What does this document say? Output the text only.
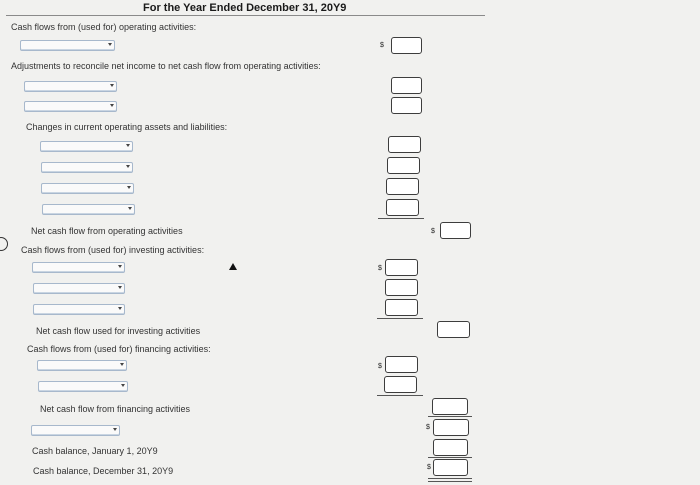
For the Year Ended December 31, 20Y9
Cash flows from (used for) operating activities:
$
Adjustments to reconcile net income to net cash flow from operating activities:
Changes in current operating assets and liabilities:
Net cash flow from operating activities	$
Cash flows from (used for) investing activities:
$
Net cash flow used for investing activities
Cash flows from (used for) financing activities:
$
Net cash flow from financing activities
$
Cash balance, January 1, 20Y9
Cash balance, December 31, 20Y9	$
